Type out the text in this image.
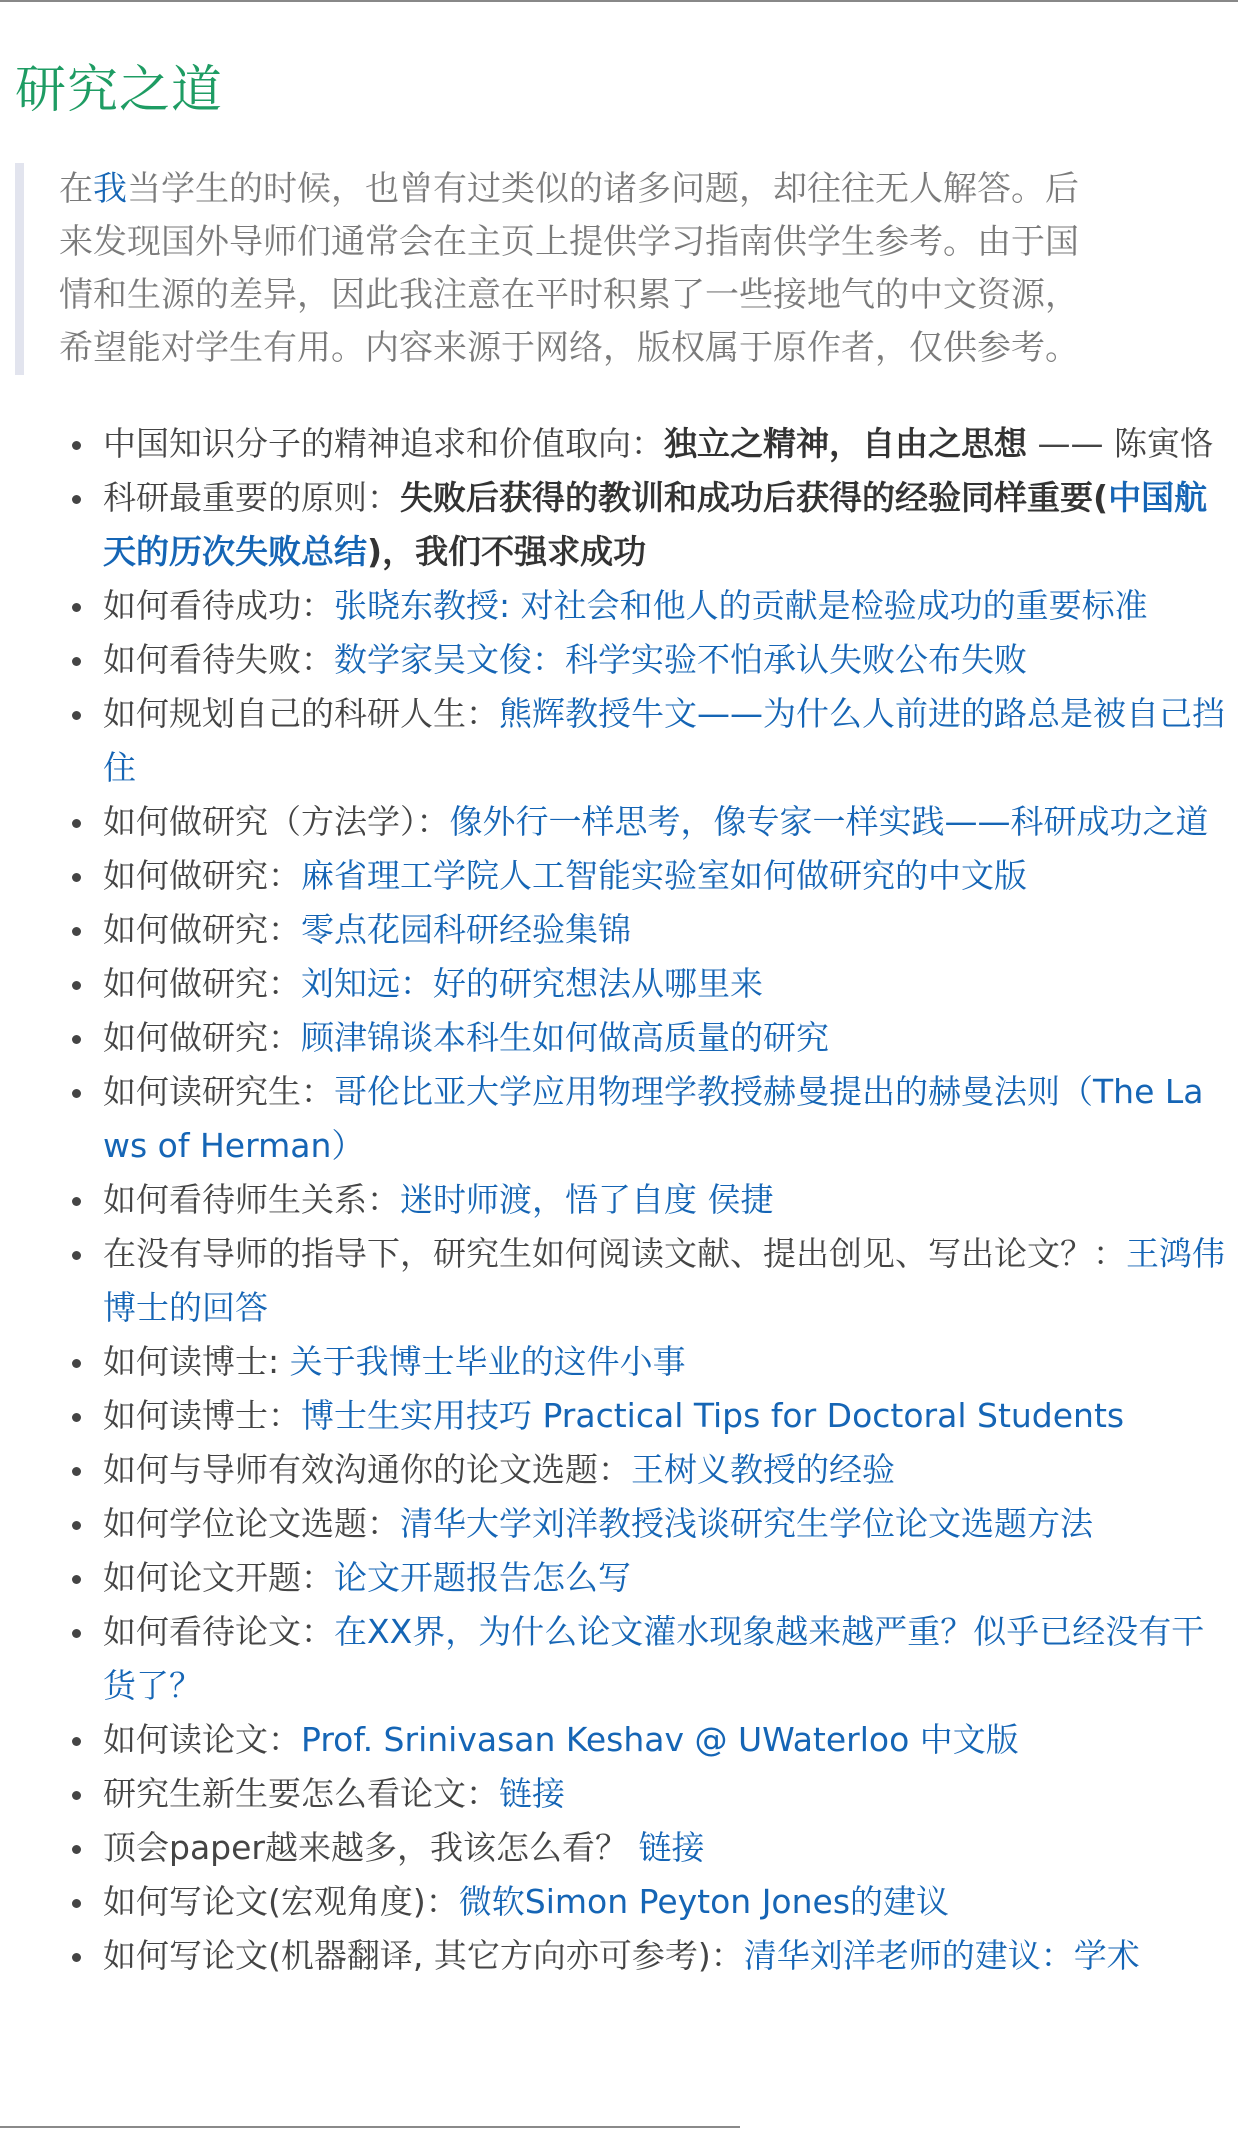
研究之道
在我当学生的时候，也曾有过类似的诸多问题，却往往无人解答。后来发现国外导师们通常会在主页上提供学习指南供学生参考。由于国情和生源的差异，因此我注意在平时积累了一些接地气的中文资源，希望能对学生有用。内容来源于网络，版权属于原作者，仅供参考。
中国知识分子的精神追求和价值取向：独立之精神，自由之思想 —— 陈寅恪
科研最重要的原则：失败后获得的教训和成功后获得的经验同样重要(中国航天的历次失败总结)，我们不强求成功
如何看待成功：张晓东教授: 对社会和他人的贡献是检验成功的重要标准
如何看待失败：数学家吴文俊：科学实验不怕承认失败公布失败
如何规划自己的科研人生：熊辉教授牛文——为什么人前进的路总是被自己挡住
如何做研究（方法学）：像外行一样思考，像专家一样实践——科研成功之道
如何做研究：麻省理工学院人工智能实验室如何做研究的中文版
如何做研究：零点花园科研经验集锦
如何做研究：刘知远：好的研究想法从哪里来
如何做研究：顾津锦谈本科生如何做高质量的研究
如何读研究生：哥伦比亚大学应用物理学教授赫曼提出的赫曼法则（The Laws of Herman）
如何看待师生关系：迷时师渡，悟了自度 侯捷
在没有导师的指导下，研究生如何阅读文献、提出创见、写出论文？：王鸿伟博士的回答
如何读博士: 关于我博士毕业的这件小事
如何读博士：博士生实用技巧 Practical Tips for Doctoral Students
如何与导师有效沟通你的论文选题：王树义教授的经验
如何学位论文选题：清华大学刘洋教授浅谈研究生学位论文选题方法
如何论文开题：论文开题报告怎么写
如何看待论文：在XX界，为什么论文灌水现象越来越严重？似乎已经没有干货了？
如何读论文：Prof. Srinivasan Keshav @ UWaterloo 中文版
研究生新生要怎么看论文：链接
顶会paper越来越多，我该怎么看？ 链接
如何写论文(宏观角度)：微软Simon Peyton Jones的建议
如何写论文(机器翻译, 其它方向亦可参考)：清华刘洋老师的建议：学术
